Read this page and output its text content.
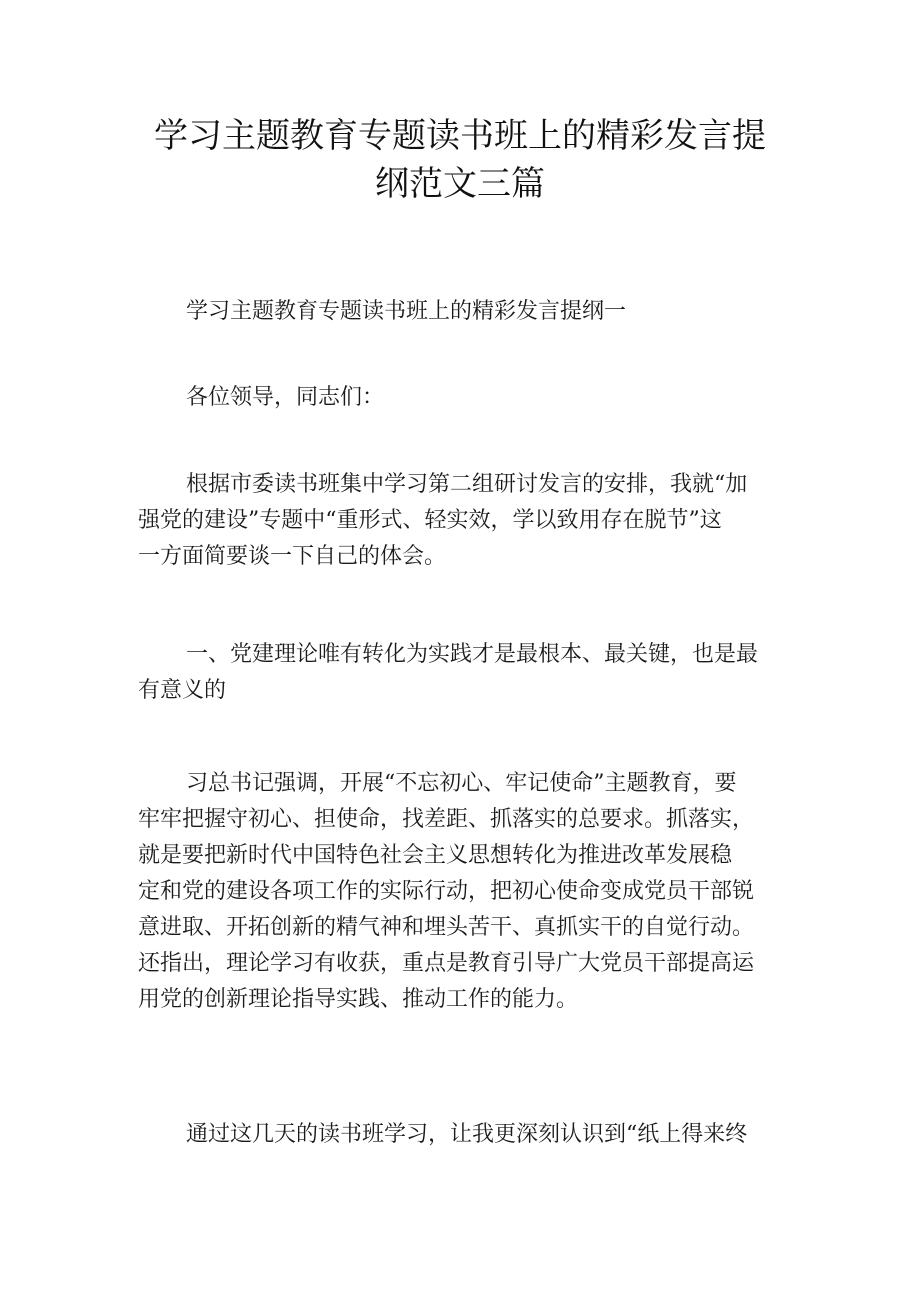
学习主题教育专题读书班上的精彩发言提
纲范文三篇
学习主题教育专题读书班上的精彩发言提纲一
各位领导，同志们：
根据市委读书班集中学习第二组研讨发言的安排，我就“加
强党的建设”专题中“重形式、轻实效，学以致用存在脱节”这
一方面简要谈一下自己的体会。
一、党建理论唯有转化为实践才是最根本、最关键，也是最
有意义的
习总书记强调，开展“不忘初心、牢记使命”主题教育，要
牢牢把握守初心、担使命，找差距、抓落实的总要求。抓落实，
就是要把新时代中国特色社会主义思想转化为推进改革发展稳
定和党的建设各项工作的实际行动，把初心使命变成党员干部锐
意进取、开拓创新的精气神和埋头苦干、真抓实干的自觉行动。
还指出，理论学习有收获，重点是教育引导广大党员干部提高运
用党的创新理论指导实践、推动工作的能力。
通过这几天的读书班学习，让我更深刻认识到“纸上得来终
